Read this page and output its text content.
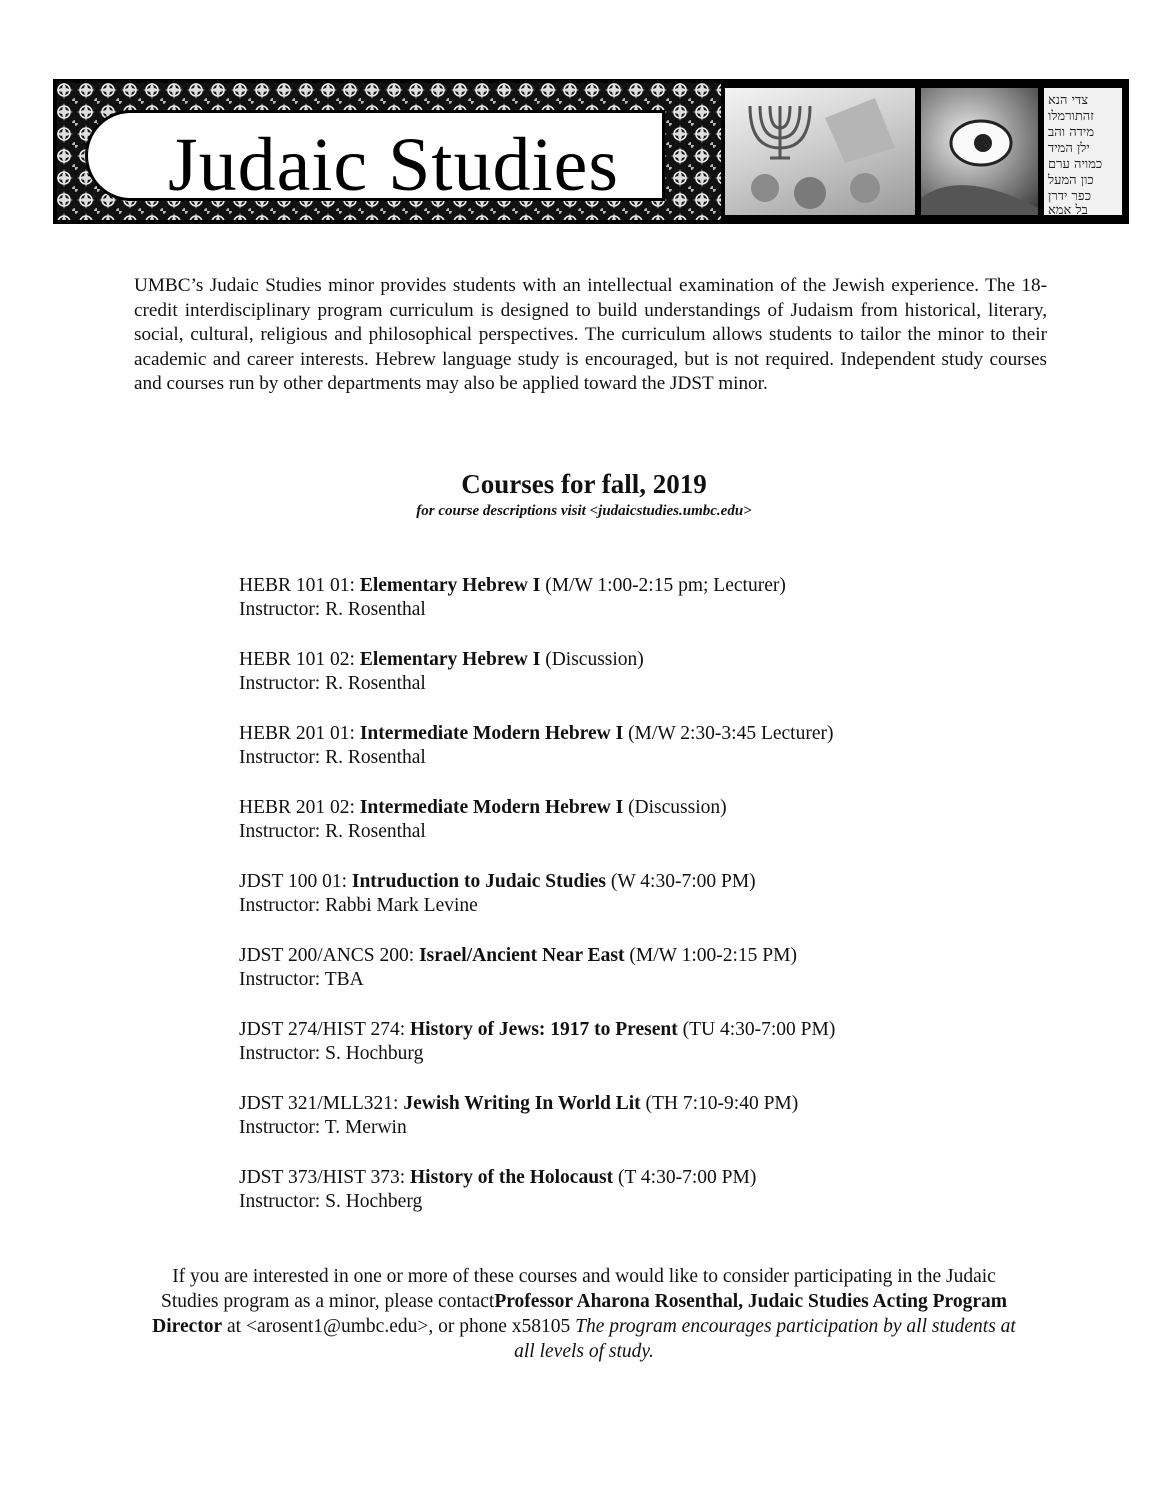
Judaic Studies
צדי הנא
זהתורמלו
מידה והב
ילן המיד
כמויה ערם
כון המעל
כפר ידרן
בל אמא

UMBC’s Judaic Studies minor provides students with an intellectual examination of the Jewish experience. The 18-credit interdisciplinary program curriculum is designed to build understandings of Judaism from historical, literary, social, cultural, religious and philosophical perspectives. The curriculum allows students to tailor the minor to their academic and career interests. Hebrew language study is encouraged, but is not required. Independent study courses and courses run by other departments may also be applied toward the JDST minor.

Courses for fall, 2019
for course descriptions visit <judaicstudies.umbc.edu>
HEBR 101 01: Elementary Hebrew I (M/W 1:00-2:15 pm; Lecturer)
Instructor: R. Rosenthal
HEBR 101 02: Elementary Hebrew I (Discussion)
Instructor: R. Rosenthal
HEBR 201 01: Intermediate Modern Hebrew I (M/W 2:30-3:45 Lecturer)
Instructor: R. Rosenthal
HEBR 201 02: Intermediate Modern Hebrew I (Discussion)
Instructor: R. Rosenthal
JDST 100 01: Intruduction to Judaic Studies (W 4:30-7:00 PM)
Instructor: Rabbi Mark Levine
JDST 200/ANCS 200: Israel/Ancient Near East (M/W 1:00-2:15 PM)
Instructor: TBA
JDST 274/HIST 274: History of Jews: 1917 to Present (TU 4:30-7:00 PM)
Instructor: S. Hochburg
JDST 321/MLL321: Jewish Writing In World Lit (TH 7:10-9:40 PM)
Instructor: T. Merwin
JDST 373/HIST 373: History of the Holocaust (T 4:30-7:00 PM)
Instructor: S. Hochberg

If you are interested in one or more of these courses and would like to consider participating in the Judaic Studies program as a minor, please contactProfessor Aharona Rosenthal, Judaic Studies Acting Program Director at <arosent1@umbc.edu>, or phone x58105 The program encourages participation by all students at all levels of study.
